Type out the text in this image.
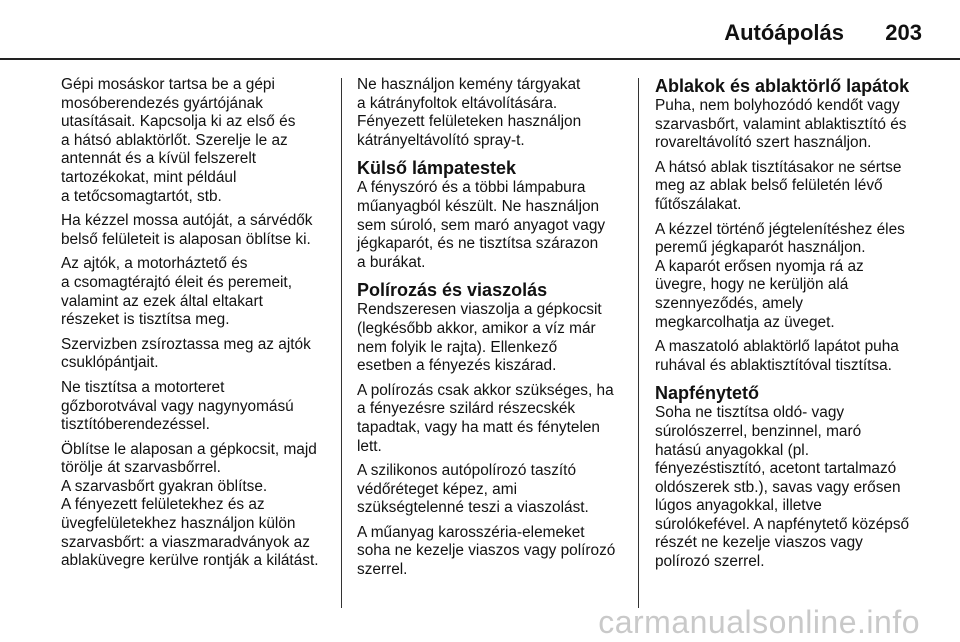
Autóápolás 203

Gépi mosáskor tartsa be a gépi
mosóberendezés gyártójának
utasításait. Kapcsolja ki az első és
a hátsó ablaktörlőt. Szerelje le az
antennát és a kívül felszerelt
tartozékokat, mint például
a tetőcsomagtartót, stb.

Ha kézzel mossa autóját, a sárvédők
belső felületeit is alaposan öblítse ki.

Az ajtók, a motorháztető és
a csomagtérajtó éleit és peremeit,
valamint az ezek által eltakart
részeket is tisztítsa meg.

Szervizben zsíroztassa meg az ajtók
csuklópántjait.

Ne tisztítsa a motorteret
gőzborotvával vagy nagynyomású
tisztítóberendezéssel.

Öblítse le alaposan a gépkocsit, majd
törölje át szarvasbőrrel.
A szarvasbőrt gyakran öblítse.
A fényezett felületekhez és az
üvegfelületekhez használjon külön
szarvasbőrt: a viaszmaradványok az
ablaküvegre kerülve rontják a kilátást.

Ne használjon kemény tárgyakat
a kátrányfoltok eltávolítására.
Fényezett felületeken használjon
kátrányeltávolító spray-t.

Külső lámpatestek

A fényszóró és a többi lámpabura
műanyagból készült. Ne használjon
sem súroló, sem maró anyagot vagy
jégkaparót, és ne tisztítsa szárazon
a burákat.

Polírozás és viaszolás

Rendszeresen viaszolja a gépkocsit
(legkésőbb akkor, amikor a víz már
nem folyik le rajta). Ellenkező
esetben a fényezés kiszárad.

A polírozás csak akkor szükséges, ha
a fényezésre szilárd részecskék
tapadtak, vagy ha matt és fénytelen
lett.

A szilikonos autópolírozó taszító
védőréteget képez, ami
szükségtelenné teszi a viaszolást.

A műanyag karosszéria-elemeket
soha ne kezelje viaszos vagy polírozó
szerrel.

Ablakok és ablaktörlő lapátok

Puha, nem bolyhozódó kendőt vagy
szarvasbőrt, valamint ablaktisztító és
rovareltávolító szert használjon.

A hátsó ablak tisztításakor ne sértse
meg az ablak belső felületén lévő
fűtőszálakat.

A kézzel történő jégtelenítéshez éles
peremű jégkaparót használjon.
A kaparót erősen nyomja rá az
üvegre, hogy ne kerüljön alá
szennyeződés, amely
megkarcolhatja az üveget.

A maszatoló ablaktörlő lapátot puha
ruhával és ablaktisztítóval tisztítsa.

Napfénytető

Soha ne tisztítsa oldó- vagy
súrolószerrel, benzinnel, maró
hatású anyagokkal (pl.
fényezéstisztító, acetont tartalmazó
oldószerek stb.), savas vagy erősen
lúgos anyagokkal, illetve
súrolókefével. A napfénytető középső
részét ne kezelje viaszos vagy
polírozó szerrel.

carmanualsonline.info
